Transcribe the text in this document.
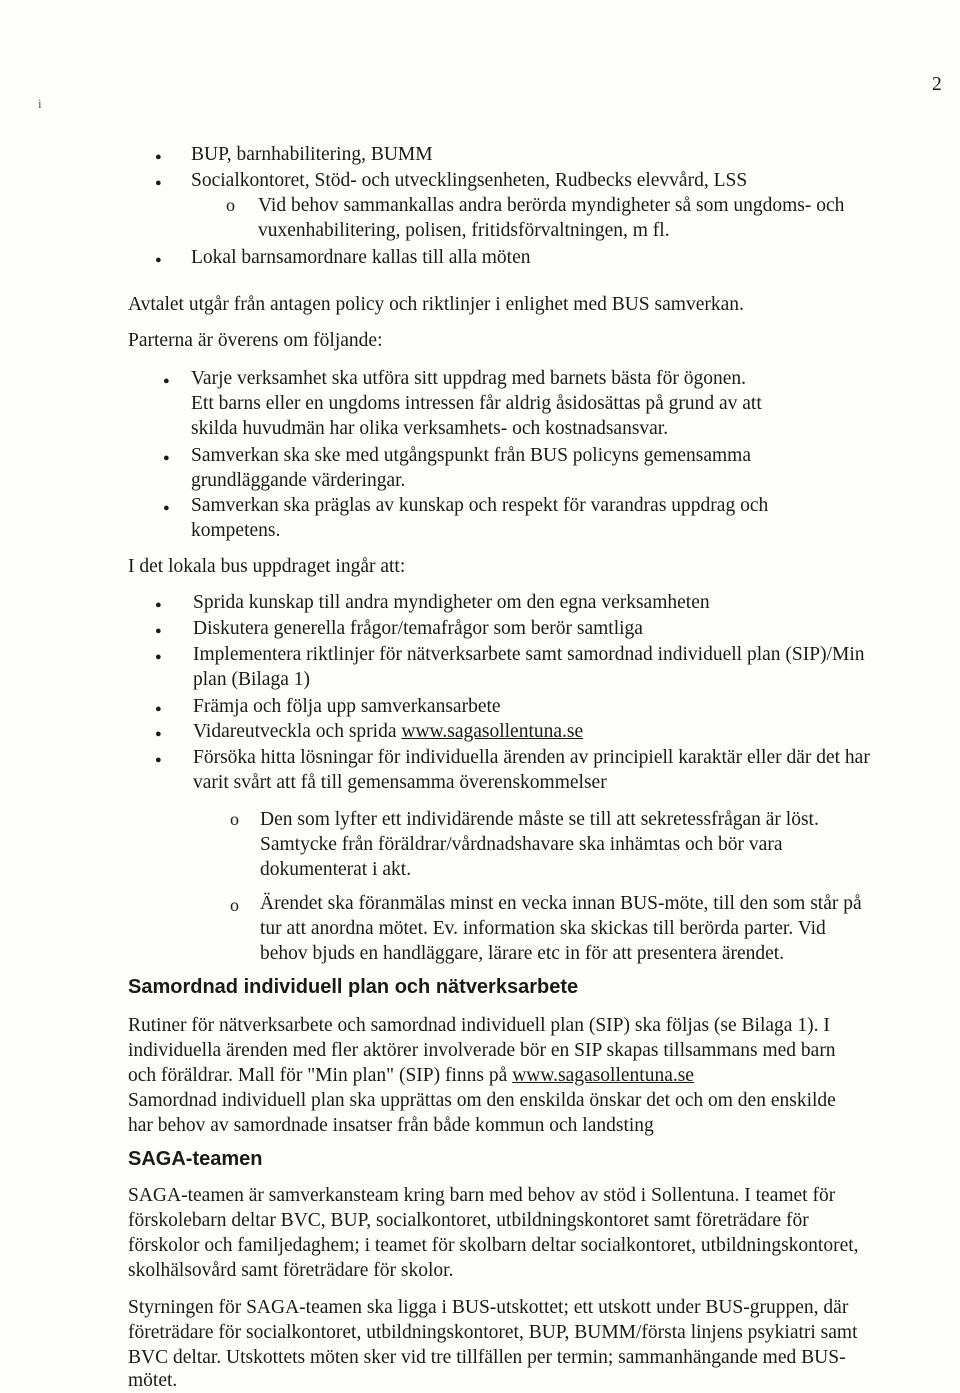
2
i
● BUP, barnhabilitering, BUMM
● Socialkontoret, Stöd- och utvecklingsenheten, Rudbecks elevvård, LSS
o Vid behov sammankallas andra berörda myndigheter så som ungdoms- och
vuxenhabilitering, polisen, fritidsförvaltningen, m fl.
● Lokal barnsamordnare kallas till alla möten
Avtalet utgår från antagen policy och riktlinjer i enlighet med BUS samverkan.
Parterna är överens om följande:
● Varje verksamhet ska utföra sitt uppdrag med barnets bästa för ögonen.
Ett barns eller en ungdoms intressen får aldrig åsidosättas på grund av att
skilda huvudmän har olika verksamhets- och kostnadsansvar.
● Samverkan ska ske med utgångspunkt från BUS policyns gemensamma
grundläggande värderingar.
● Samverkan ska präglas av kunskap och respekt för varandras uppdrag och
kompetens.
I det lokala bus uppdraget ingår att:
● Sprida kunskap till andra myndigheter om den egna verksamheten
● Diskutera generella frågor/temafrågor som berör samtliga
● Implementera riktlinjer för nätverksarbete samt samordnad individuell plan (SIP)/Min
plan (Bilaga 1)
● Främja och följa upp samverkansarbete
● Vidareutveckla och sprida www.sagasollentuna.se
● Försöka hitta lösningar för individuella ärenden av principiell karaktär eller där det har
varit svårt att få till gemensamma överenskommelser
o Den som lyfter ett individärende måste se till att sekretessfrågan är löst.
Samtycke från föräldrar/vårdnadshavare ska inhämtas och bör vara
dokumenterat i akt.
o Ärendet ska föranmälas minst en vecka innan BUS-möte, till den som står på
tur att anordna mötet. Ev. information ska skickas till berörda parter. Vid
behov bjuds en handläggare, lärare etc in för att presentera ärendet.
Samordnad individuell plan och nätverksarbete
Rutiner för nätverksarbete och samordnad individuell plan (SIP) ska följas (se Bilaga 1). I
individuella ärenden med fler aktörer involverade bör en SIP skapas tillsammans med barn
och föräldrar. Mall för "Min plan" (SIP) finns på www.sagasollentuna.se
Samordnad individuell plan ska upprättas om den enskilda önskar det och om den enskilde
har behov av samordnade insatser från både kommun och landsting
SAGA-teamen
SAGA-teamen är samverkansteam kring barn med behov av stöd i Sollentuna. I teamet för
förskolebarn deltar BVC, BUP, socialkontoret, utbildningskontoret samt företrädare för
förskolor och familjedaghem; i teamet för skolbarn deltar socialkontoret, utbildningskontoret,
skolhälsovård samt företrädare för skolor.
Styrningen för SAGA-teamen ska ligga i BUS-utskottet; ett utskott under BUS-gruppen, där
företrädare för socialkontoret, utbildningskontoret, BUP, BUMM/första linjens psykiatri samt
BVC deltar. Utskottets möten sker vid tre tillfällen per termin; sammanhängande med BUS-
mötet.
